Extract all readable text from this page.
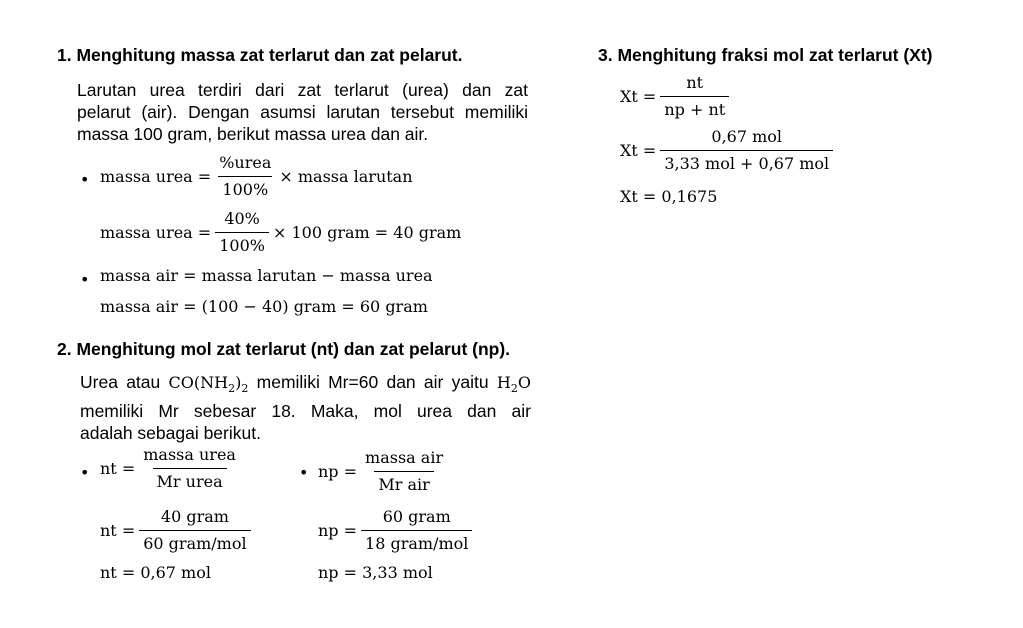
1. Menghitung massa zat terlarut dan zat pelarut.
Larutan urea terdiri dari zat terlarut (urea) dan zat
pelarut (air). Dengan asumsi larutan tersebut memiliki
massa 100 gram, berikut massa urea dan air.
• massa urea = $\frac{\text{\%urea}}{100\%}$ × massa larutan
massa urea = $\frac{40\%}{100\%} \times 100$ gram = 40 gram
• massa air = massa larutan − massa urea
massa air = (100 − 40) gram = 60 gram
2. Menghitung mol zat terlarut (nt) dan zat pelarut (np).
Urea atau $CO(NH_2)_2$ memiliki Mr=60 dan air yaitu $H_2O$
memiliki Mr sebesar 18. Maka, mol urea dan air
adalah sebagai berikut.
• nt = $\frac{\text{massa urea}}{\text{Mr urea}}$
nt = $\frac{\text{40 gram}}{\text{60 gram/mol}}$
nt = 0,67 mol
• np = $\frac{\text{massa air}}{\text{Mr air}}$
np = $\frac{\text{60 gram}}{\text{18 gram/mol}}$
np = 3,33 mol
3. Menghitung fraksi mol zat terlarut (Xt)
$Xt = \frac{nt}{np + nt}$
$Xt = \frac{\text{0,67 mol}}{\text{3,33 mol + 0,67 mol}}$
Xt = 0,1675
